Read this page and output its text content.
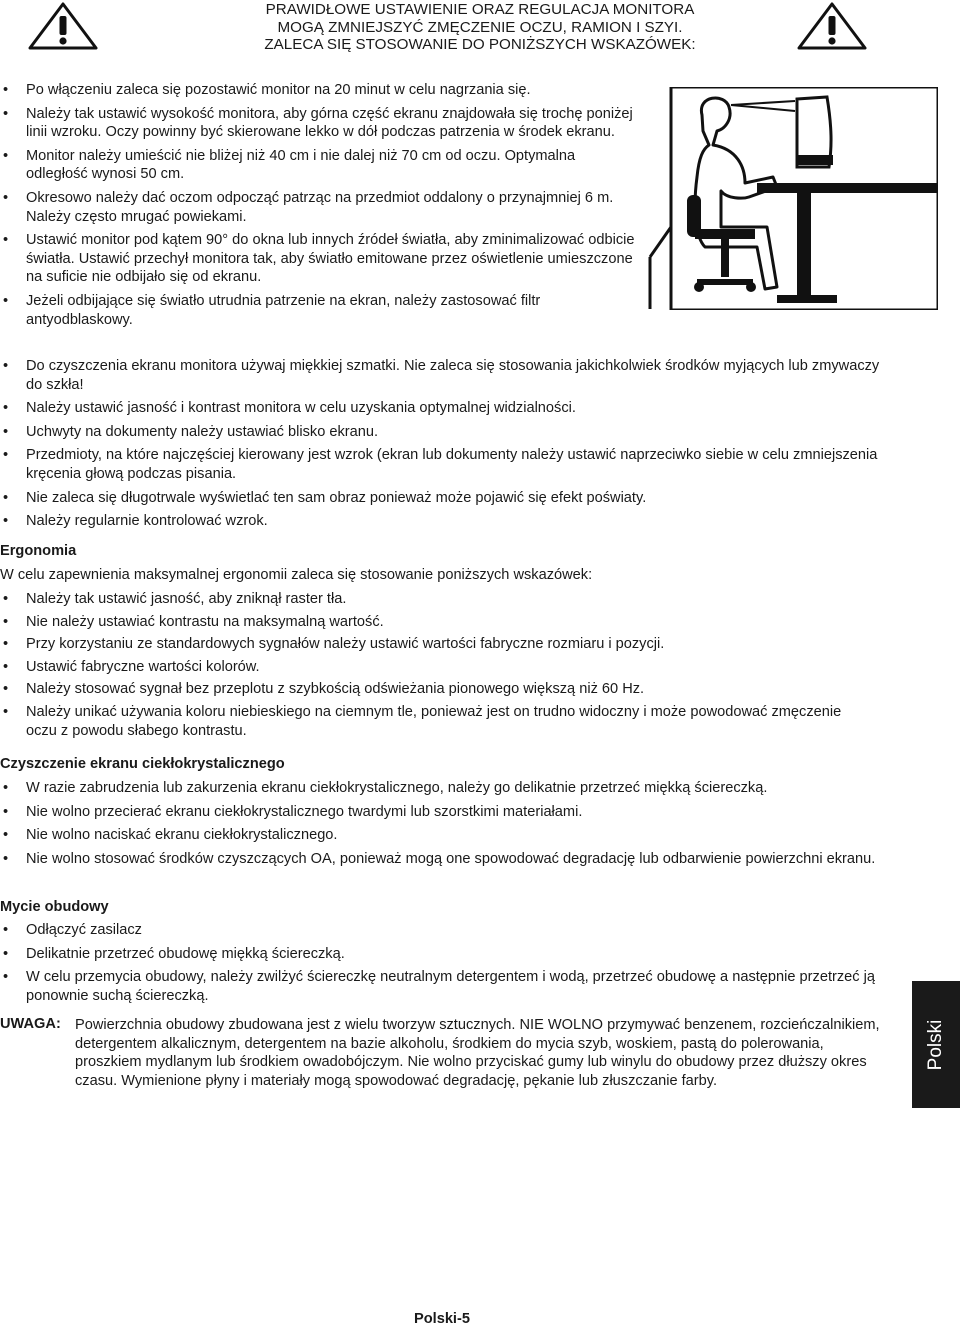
PRAWIDŁOWE USTAWIENIE ORAZ REGULACJA MONITORA
MOGĄ ZMNIEJSZYĆ ZMĘCZENIE OCZU, RAMION I SZYI.
ZALECA SIĘ STOSOWANIE DO PONIŻSZYCH WSKAZÓWEK:
• Po włączeniu zaleca się pozostawić monitor na 20 minut w celu nagrzania się.
• Należy tak ustawić wysokość monitora, aby górna część ekranu znajdowała się trochę poniżej linii wzroku. Oczy powinny być skierowane lekko w dół podczas patrzenia w środek ekranu.
• Monitor należy umieścić nie bliżej niż 40 cm i nie dalej niż 70 cm od oczu. Optymalna odległość wynosi 50 cm.
• Okresowo należy dać oczom odpocząć patrząc na przedmiot oddalony o przynajmniej 6 m. Należy często mrugać powiekami.
• Ustawić monitor pod kątem 90° do okna lub innych źródeł światła, aby zminimalizować odbicie światła. Ustawić przechył monitora tak, aby światło emitowane przez oświetlenie umieszczone na suficie nie odbijało się od ekranu.
• Jeżeli odbijające się światło utrudnia patrzenie na ekran, należy zastosować filtr antyodblaskowy.
• Do czyszczenia ekranu monitora używaj miękkiej szmatki. Nie zaleca się stosowania jakichkolwiek środków myjących lub zmywaczy do szkła!
• Należy ustawić jasność i kontrast monitora w celu uzyskania optymalnej widzialności.
• Uchwyty na dokumenty należy ustawiać blisko ekranu.
• Przedmioty, na które najczęściej kierowany jest wzrok (ekran lub dokumenty należy ustawić naprzeciwko siebie w celu zmniejszenia kręcenia głową podczas pisania.
• Nie zaleca się długotrwale wyświetlać ten sam obraz ponieważ może pojawić się efekt poświaty.
• Należy regularnie kontrolować wzrok.
Ergonomia
W celu zapewnienia maksymalnej ergonomii zaleca się stosowanie poniższych wskazówek:
• Należy tak ustawić jasność, aby zniknął raster tła.
• Nie należy ustawiać kontrastu na maksymalną wartość.
• Przy korzystaniu ze standardowych sygnałów należy ustawić wartości fabryczne rozmiaru i pozycji.
• Ustawić fabryczne wartości kolorów.
• Należy stosować sygnał bez przeplotu z szybkością odświeżania pionowego większą niż 60 Hz.
• Należy unikać używania koloru niebieskiego na ciemnym tle, ponieważ jest on trudno widoczny i może powodować zmęczenie oczu z powodu słabego kontrastu.
Czyszczenie ekranu ciekłokrystalicznego
• W razie zabrudzenia lub zakurzenia ekranu ciekłokrystalicznego, należy go delikatnie przetrzeć miękką ściereczką.
• Nie wolno przecierać ekranu ciekłokrystalicznego twardymi lub szorstkimi materiałami.
• Nie wolno naciskać ekranu ciekłokrystalicznego.
• Nie wolno stosować środków czyszczących OA, ponieważ mogą one spowodować degradację lub odbarwienie powierzchni ekranu.
Mycie obudowy
• Odłączyć zasilacz
• Delikatnie przetrzeć obudowę miękką ściereczką.
• W celu przemycia obudowy, należy zwilżyć ściereczkę neutralnym detergentem i wodą, przetrzeć obudowę a następnie przetrzeć ją ponownie suchą ściereczką.
UWAGA: Powierzchnia obudowy zbudowana jest z wielu tworzyw sztucznych. NIE WOLNO przymywać benzenem, rozcieńczalnikiem, detergentem alkalicznym, detergentem na bazie alkoholu, środkiem do mycia szyb, woskiem, pastą do polerowania, proszkiem mydlanym lub środkiem owadobójczym. Nie wolno przyciskać gumy lub winylu do obudowy przez dłuższy okres czasu. Wymienione płyny i materiały mogą spowodować degradację, pękanie lub złuszczanie farby.
Polski
Polski-5
